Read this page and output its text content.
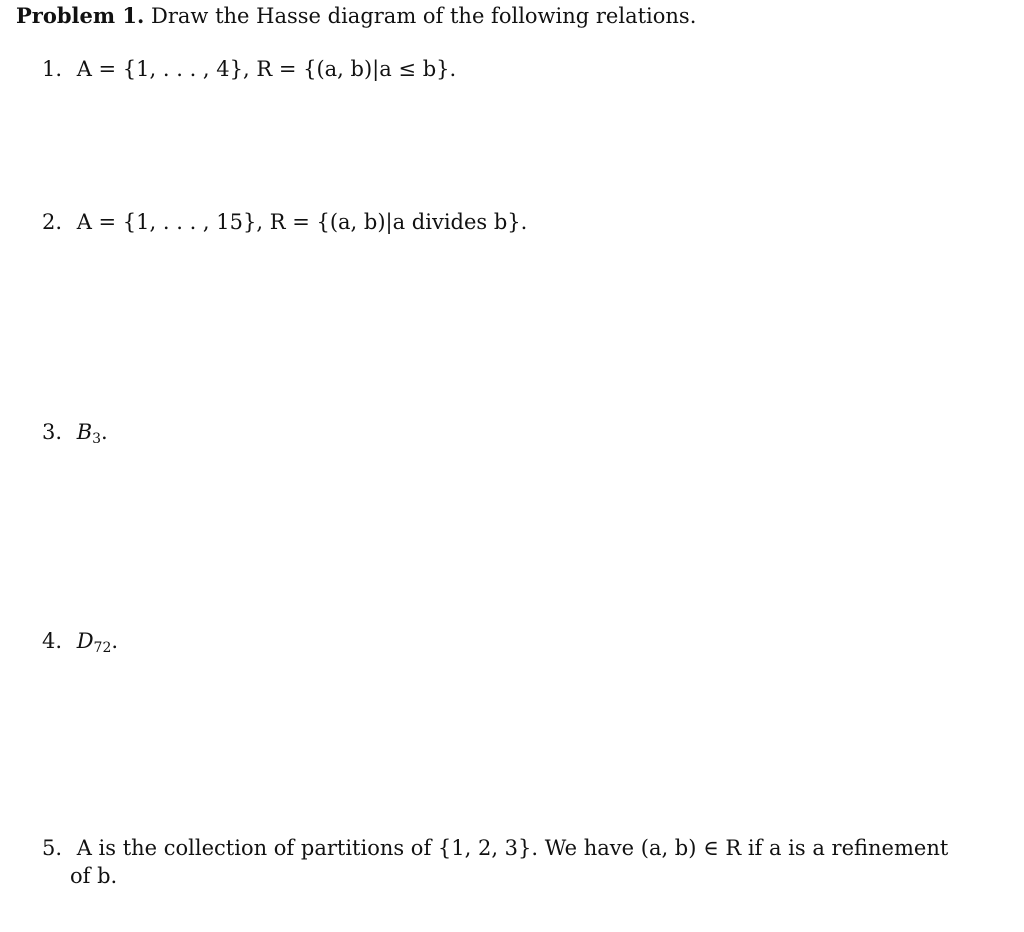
Problem 1. Draw the Hasse diagram of the following relations.
1. A = {1, . . . , 4}, R = {(a, b)|a ≤ b}.
2. A = {1, . . . , 15}, R = {(a, b)|a divides b}.
3. $B_3$.
4. $D_{72}$.
5. A is the collection of partitions of {1, 2, 3}. We have (a, b) ∈ R if a is a refinement
of b.
